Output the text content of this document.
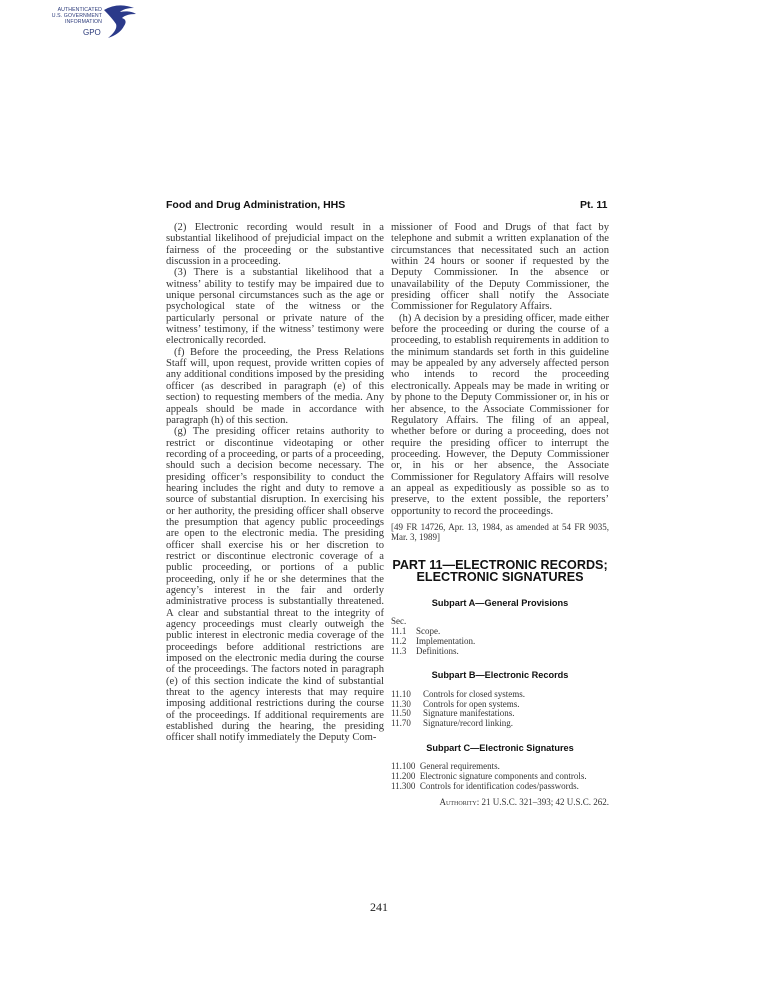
AUTHENTICATED
U.S. GOVERNMENT
INFORMATION
GPO
Food and Drug Administration, HHS	Pt. 11

(2) Electronic recording would result in a substantial likelihood of prejudicial impact on the fairness of the proceeding or the substantive discussion in a proceeding.

(3) There is a substantial likelihood that a witness’ ability to testify may be impaired due to unique personal circumstances such as the age or psychological state of the witness or the particularly personal or private nature of the witness’ testimony, if the witness’ testimony were electronically recorded.

(f) Before the proceeding, the Press Relations Staff will, upon request, provide written copies of any additional conditions imposed by the presiding officer (as described in paragraph (e) of this section) to requesting members of the media. Any appeals should be made in accordance with paragraph (h) of this section.

(g) The presiding officer retains authority to restrict or discontinue videotaping or other recording of a proceeding, or parts of a proceeding, should such a decision become necessary. The presiding officer’s responsibility to conduct the hearing includes the right and duty to remove a source of substantial disruption. In exercising his or her authority, the presiding officer shall observe the presumption that agency public proceedings are open to the electronic media. The presiding officer shall exercise his or her discretion to restrict or discontinue electronic coverage of a public proceeding, or portions of a public proceeding, only if he or she determines that the agency’s interest in the fair and orderly administrative process is substantially threatened. A clear and substantial threat to the integrity of agency proceedings must clearly outweigh the public interest in electronic media coverage of the proceedings before additional restrictions are imposed on the electronic media during the course of the proceedings. The factors noted in paragraph (e) of this section indicate the kind of substantial threat to the agency interests that may require imposing additional restrictions during the course of the proceedings. If additional requirements are established during the hearing, the presiding officer shall notify immediately the Deputy Com-

missioner of Food and Drugs of that fact by telephone and submit a written explanation of the circumstances that necessitated such an action within 24 hours or sooner if requested by the Deputy Commissioner. In the absence or unavailability of the Deputy Commissioner, the presiding officer shall notify the Associate Commissioner for Regulatory Affairs.

(h) A decision by a presiding officer, made either before the proceeding or during the course of a proceeding, to establish requirements in addition to the minimum standards set forth in this guideline may be appealed by any adversely affected person who intends to record the proceeding electronically. Appeals may be made in writing or by phone to the Deputy Commissioner or, in his or her absence, to the Associate Commissioner for Regulatory Affairs. The filing of an appeal, whether before or during a proceeding, does not require the presiding officer to interrupt the proceeding. However, the Deputy Commissioner or, in his or her absence, the Associate Commissioner for Regulatory Affairs will resolve an appeal as expeditiously as possible so as to preserve, to the extent possible, the reporters’ opportunity to record the proceedings.

[49 FR 14726, Apr. 13, 1984, as amended at 54 FR 9035, Mar. 3, 1989]

PART 11—ELECTRONIC RECORDS;
ELECTRONIC SIGNATURES
Subpart A—General Provisions
Sec.
11.1	Scope.
11.2	Implementation.
11.3	Definitions.
Subpart B—Electronic Records
11.10	Controls for closed systems.
11.30	Controls for open systems.
11.50	Signature manifestations.
11.70	Signature/record linking.
Subpart C—Electronic Signatures
11.100 General requirements.
11.200 Electronic signature components and controls.
11.300 Controls for identification codes/passwords.
Authority: 21 U.S.C. 321–393; 42 U.S.C. 262.
241
